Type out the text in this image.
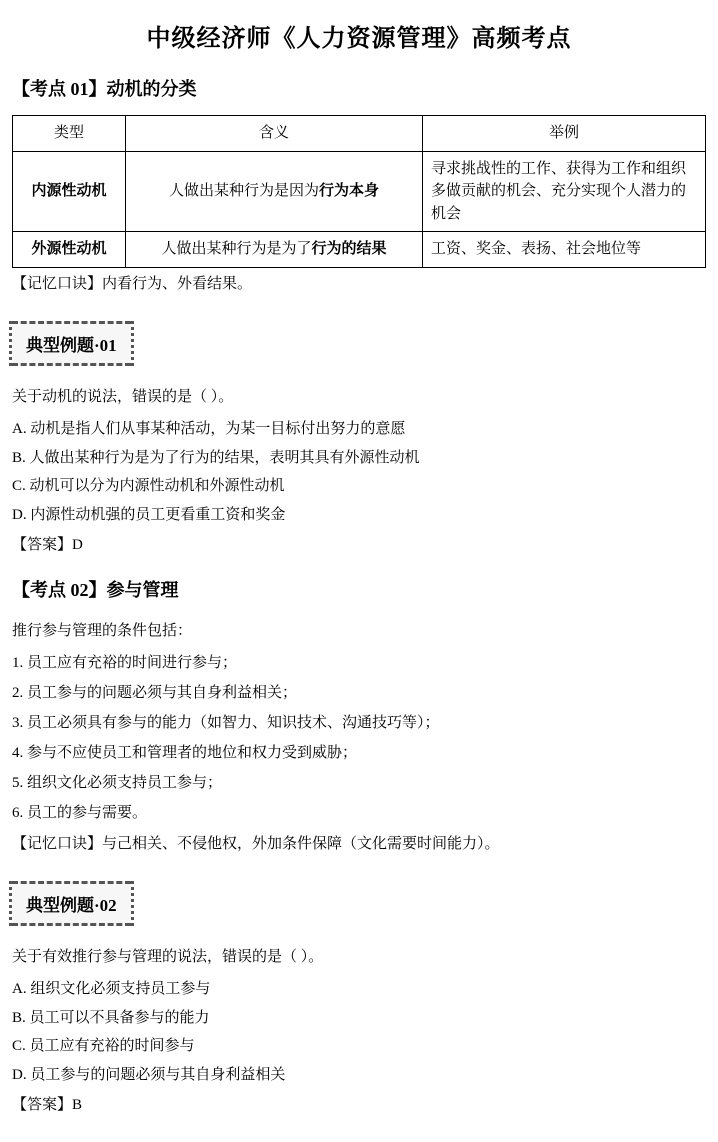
中级经济师《人力资源管理》高频考点
【考点 01】动机的分类
类型	含义	举例
内源性动机	人做出某种行为是因为行为本身	寻求挑战性的工作、获得为工作和组织多做贡献的机会、充分实现个人潜力的机会
外源性动机	人做出某种行为是为了行为的结果	工资、奖金、表扬、社会地位等
【记忆口诀】内看行为、外看结果。
典型例题·01
关于动机的说法，错误的是（ ）。
A. 动机是指人们从事某种活动，为某一目标付出努力的意愿
B. 人做出某种行为是为了行为的结果，表明其具有外源性动机
C. 动机可以分为内源性动机和外源性动机
D. 内源性动机强的员工更看重工资和奖金
【答案】D
【考点 02】参与管理
推行参与管理的条件包括：
1. 员工应有充裕的时间进行参与；
2. 员工参与的问题必须与其自身利益相关；
3. 员工必须具有参与的能力（如智力、知识技术、沟通技巧等）；
4. 参与不应使员工和管理者的地位和权力受到威胁；
5. 组织文化必须支持员工参与；
6. 员工的参与需要。
【记忆口诀】与己相关、不侵他权，外加条件保障（文化需要时间能力）。
典型例题·02
关于有效推行参与管理的说法，错误的是（ ）。
A. 组织文化必须支持员工参与
B. 员工可以不具备参与的能力
C. 员工应有充裕的时间参与
D. 员工参与的问题必须与其自身利益相关
【答案】B
